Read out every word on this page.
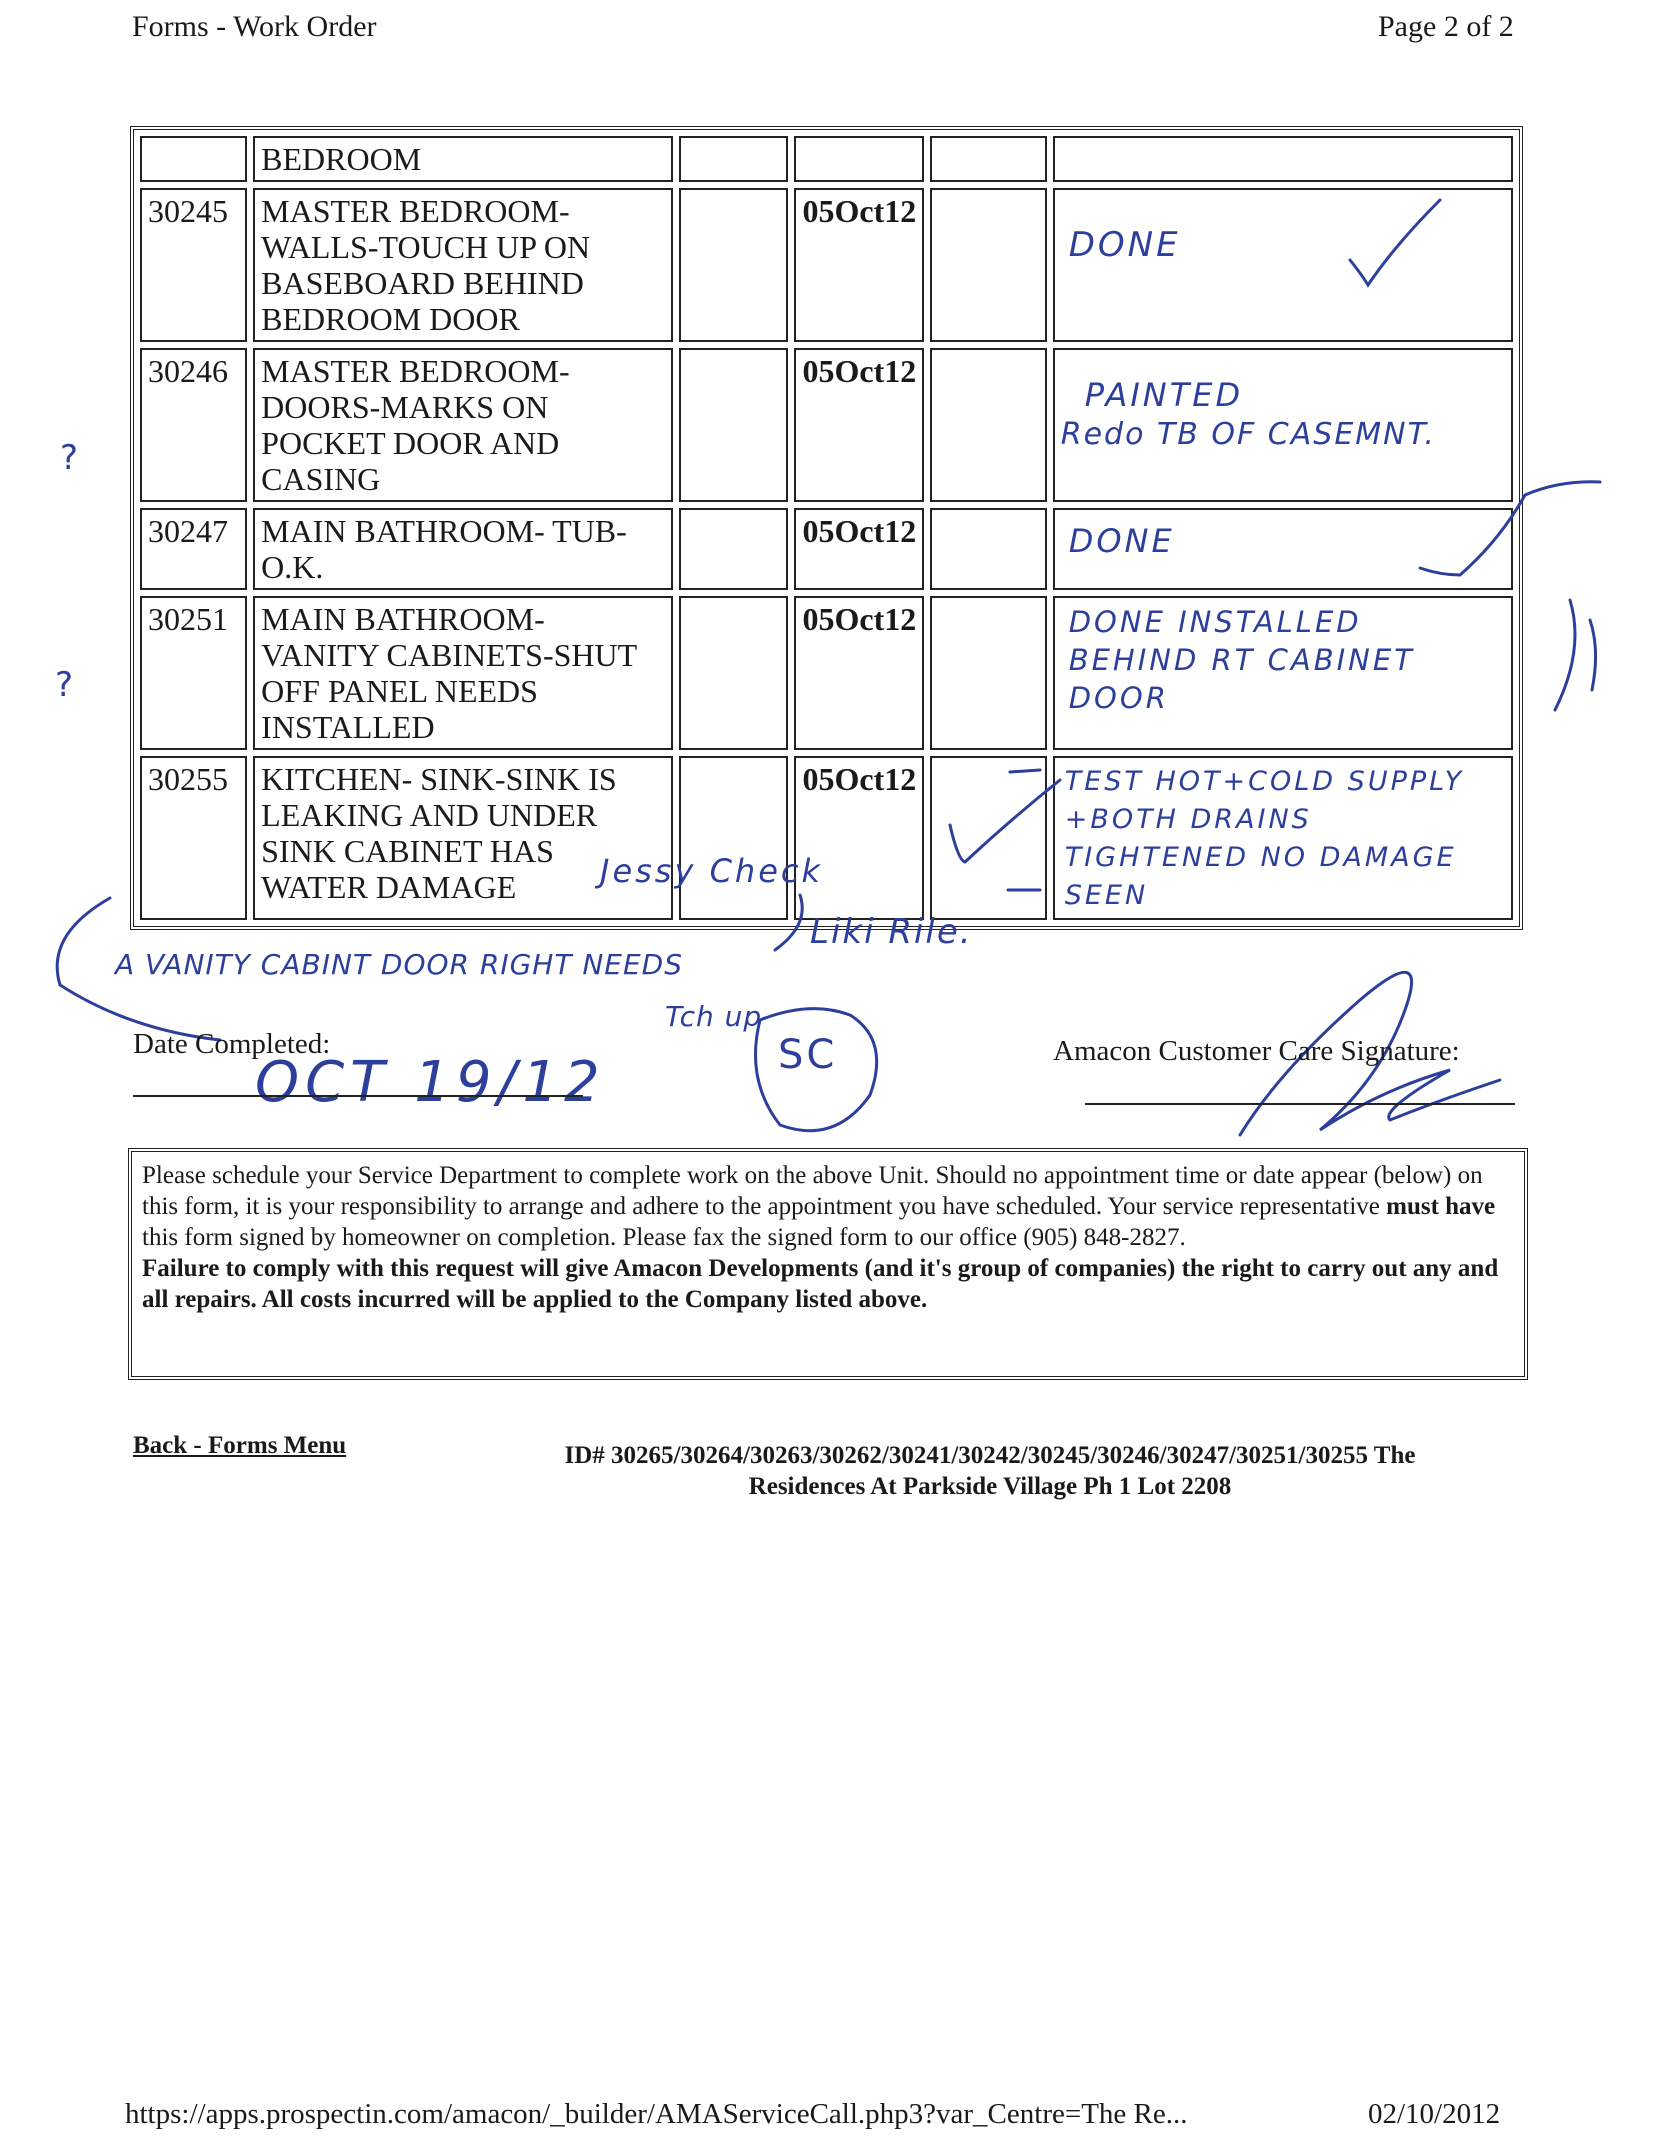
Forms - Work Order	Page 2 of 2
	BEDROOM				
30245	MASTER BEDROOM- WALLS-TOUCH UP ON BASEBOARD BEHIND BEDROOM DOOR		05Oct12		DONE

30246	MASTER BEDROOM- DOORS-MARKS ON POCKET DOOR AND CASING		05Oct12		PAINTED
Redo TB OF CASEMNT.

30247	MAIN BATHROOM- TUB- O.K.		05Oct12		DONE

30251	MAIN BATHROOM- VANITY CABINETS-SHUT OFF PANEL NEEDS INSTALLED		05Oct12		DONE INSTALLED BEHIND RT CABINET DOOR

30255	KITCHEN- SINK-SINK IS LEAKING AND UNDER SINK CABINET HAS WATER DAMAGE		05Oct12		TEST HOT+COLD SUPPLY +BOTH DRAINS TIGHTENED NO DAMAGE SEEN
?
?
Jessy Check
A VANITY CABINT DOOR RIGHT NEEDS
Tch up
Liki Rile.
SC
OCT 19/12
Date Completed:	Amacon Customer Care Signature:
Please schedule your Service Department to complete work on the above Unit. Should no appointment time or date appear (below) on this form, it is your responsibility to arrange and adhere to the appointment you have scheduled. Your service representative must have this form signed by homeowner on completion. Please fax the signed form to our office (905) 848-2827.
Failure to comply with this request will give Amacon Developments (and it's group of companies) the right to carry out any and all repairs. All costs incurred will be applied to the Company listed above.
Back - Forms Menu	ID# 30265/30264/30263/30262/30241/30242/30245/30246/30247/30251/30255 The
Residences At Parkside Village Ph 1 Lot 2208
https://apps.prospectin.com/amacon/_builder/AMAServiceCall.php3?var_Centre=The Re...	02/10/2012
